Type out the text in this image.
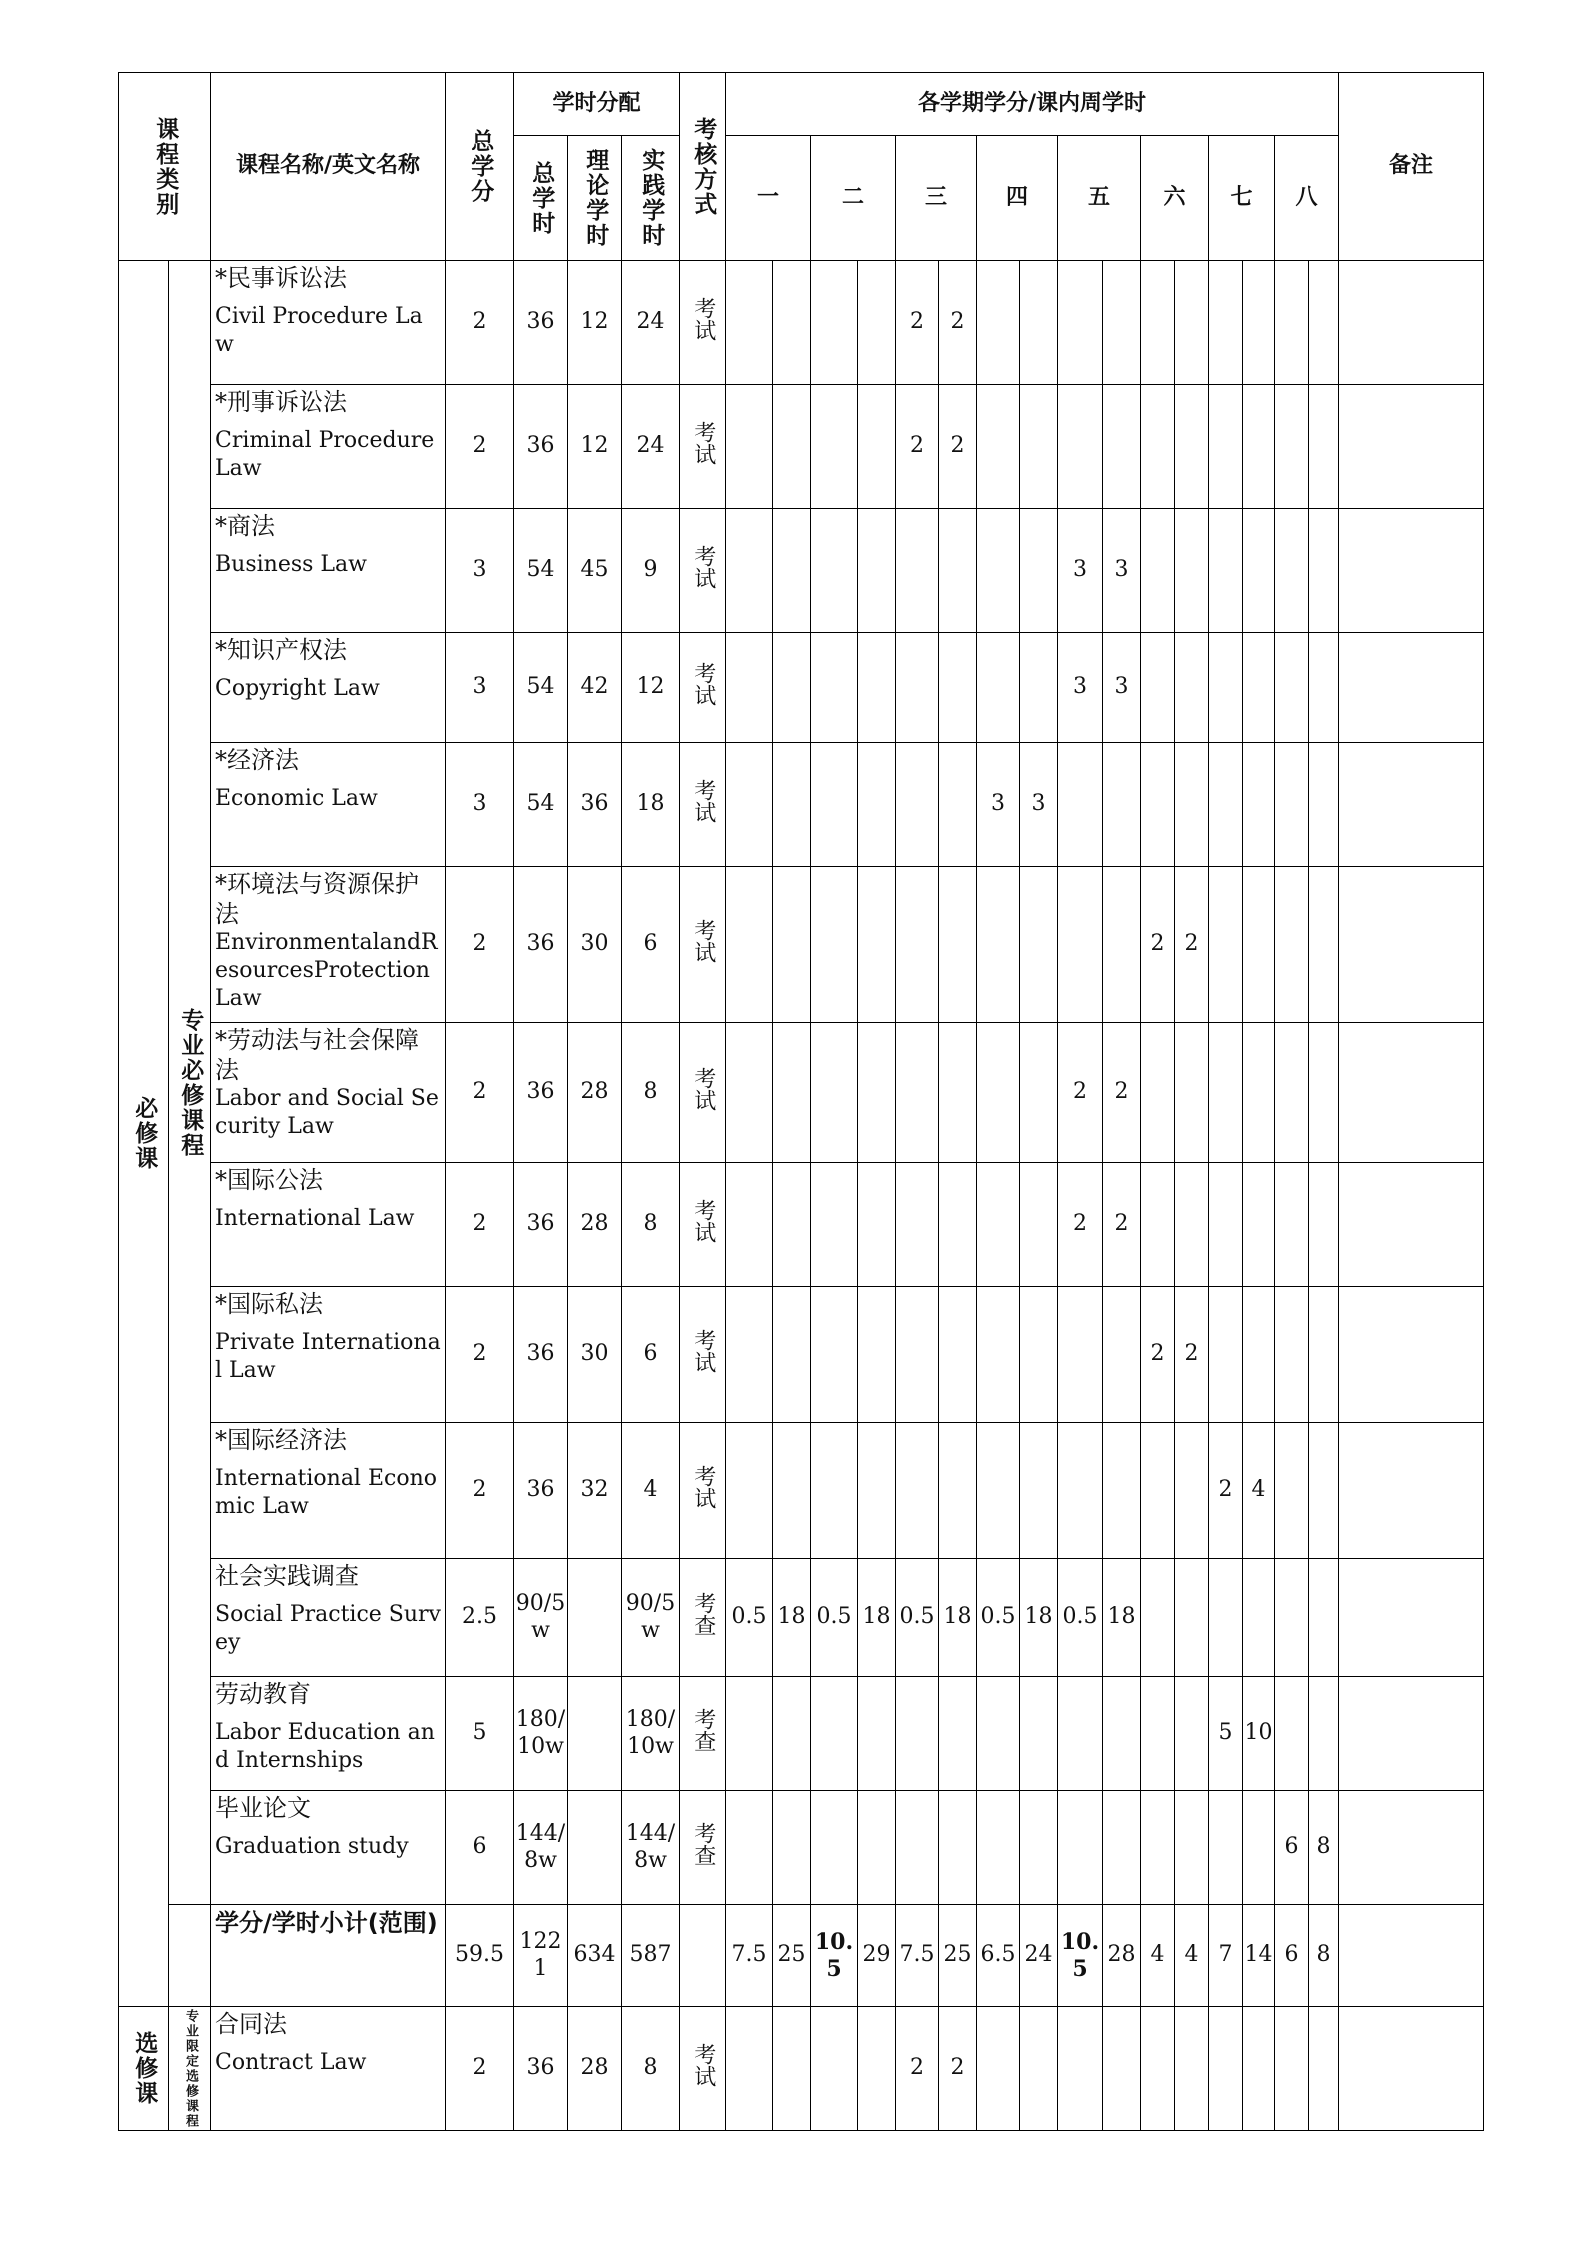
课程类别		课程名称/英文名称	总学分	学时分配			考核方式	各学期学分/课内周学时																备注

				总学时	理论学时	实践学时		一		二		三		四		五		六		七		八		

必修课	专业必修课程	*民事诉讼法
Civil Procedure Law	2	36	12	24	考试					2	2											

		*刑事诉讼法
Criminal Procedure Law	2	36	12	24	考试					2	2											

		*商法
Business Law	3	54	45	9	考试									3	3							

		*知识产权法
Copyright Law	3	54	42	12	考试									3	3							

		*经济法
Economic Law	3	54	36	18	考试							3	3									

		*环境法与资源保护法
EnvironmentalandResourcesProtection Law	2	36	30	6	考试											2	2					

		*劳动法与社会保障法
Labor and Social Security Law	2	36	28	8	考试									2	2							

		*国际公法
International Law	2	36	28	8	考试									2	2							

		*国际私法
Private International Law	2	36	30	6	考试											2	2					

		*国际经济法
International Economic Law	2	36	32	4	考试													2	4			

		社会实践调查
Social Practice Survey	2.5	90/5w		90/5w	考查	0.5	18	0.5	18	0.5	18	0.5	18	0.5	18							

		劳动教育
Labor Education and Internships	5	180/10w		180/10w	考查													5	10			

		毕业论文
Graduation study	6	144/8w		144/8w	考查															6	8	
		学分/学时小计(范围)	59.5	1221	634	587		7.5	25	10.5	29	7.5	25	6.5	24	10.5	28	4	4	7	14	6	8	

选修课	专业限定选修课程	合同法
Contract Law	2	36	28	8	考试					2	2											
